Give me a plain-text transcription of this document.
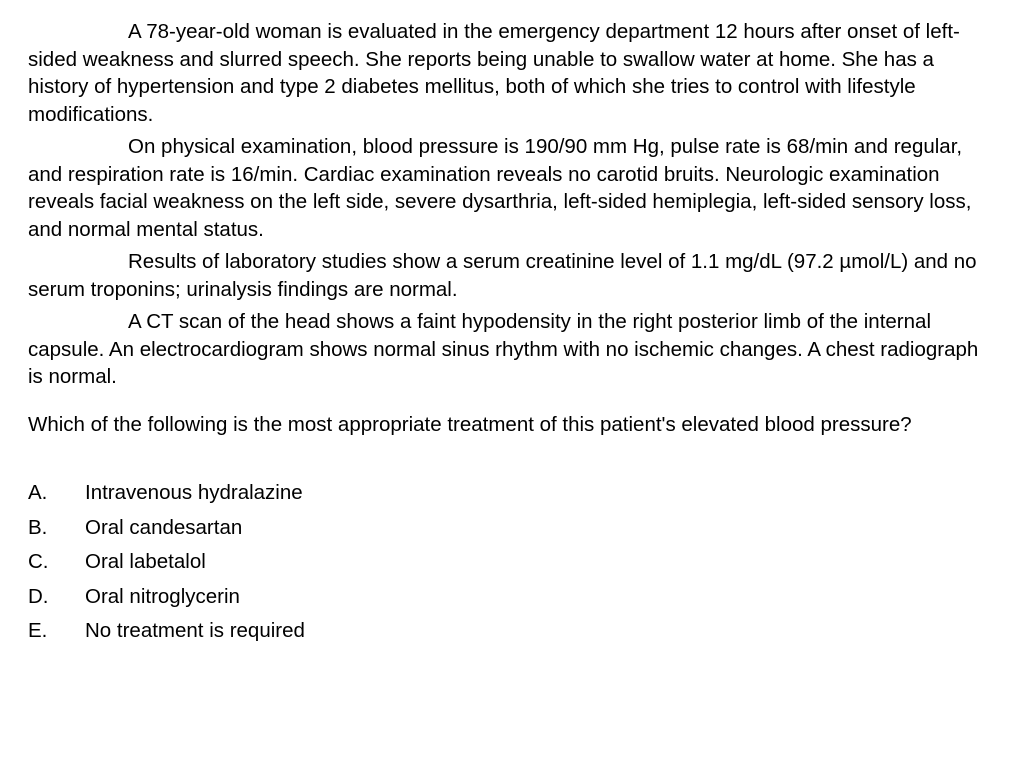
A 78-year-old woman is evaluated in the emergency department 12 hours after onset of left-sided weakness and slurred speech. She reports being unable to swallow water at home. She has a history of hypertension and type 2 diabetes mellitus, both of which she tries to control with lifestyle modifications.

On physical examination, blood pressure is 190/90 mm Hg, pulse rate is 68/min and regular, and respiration rate is 16/min. Cardiac examination reveals no carotid bruits. Neurologic examination reveals facial weakness on the left side, severe dysarthria, left-sided hemiplegia, left-sided sensory loss, and normal mental status.

Results of laboratory studies show a serum creatinine level of 1.1 mg/dL (97.2 µmol/L) and no serum troponins; urinalysis findings are normal.

A CT scan of the head shows a faint hypodensity in the right posterior limb of the internal capsule. An electrocardiogram shows normal sinus rhythm with no ischemic changes. A chest radiograph is normal.

Which of the following is the most appropriate treatment of this patient's elevated blood pressure?

A.	Intravenous hydralazine
B.	Oral candesartan
C.	Oral labetalol
D.	Oral nitroglycerin
E.	No treatment is required
